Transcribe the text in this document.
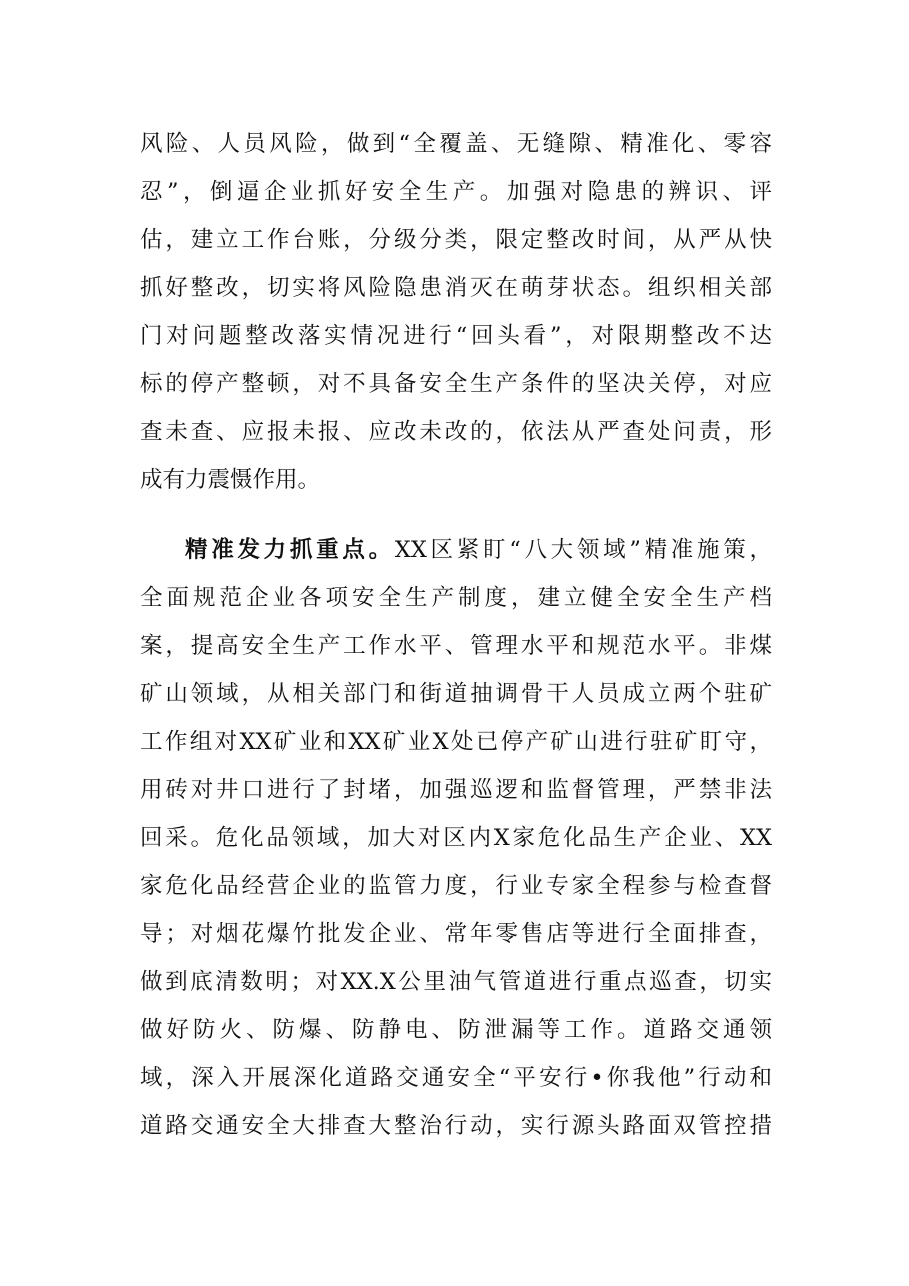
风险、人员风险，做到“全覆盖、无缝隙、精准化、零容
忍”，倒逼企业抓好安全生产。加强对隐患的辨识、评
估，建立工作台账，分级分类，限定整改时间，从严从快
抓好整改，切实将风险隐患消灭在萌芽状态。组织相关部
门对问题整改落实情况进行“回头看”，对限期整改不达
标的停产整顿，对不具备安全生产条件的坚决关停，对应
查未查、应报未报、应改未改的，依法从严查处问责，形
成有力震慑作用。
精准发力抓重点。XX区紧盯“八大领域”精准施策，
全面规范企业各项安全生产制度，建立健全安全生产档
案，提高安全生产工作水平、管理水平和规范水平。非煤
矿山领域，从相关部门和街道抽调骨干人员成立两个驻矿
工作组对XX矿业和XX矿业X处已停产矿山进行驻矿盯守，
用砖对井口进行了封堵，加强巡逻和监督管理，严禁非法
回采。危化品领域，加大对区内X家危化品生产企业、XX
家危化品经营企业的监管力度，行业专家全程参与检查督
导；对烟花爆竹批发企业、常年零售店等进行全面排查，
做到底清数明；对XX.X公里油气管道进行重点巡查，切实
做好防火、防爆、防静电、防泄漏等工作。道路交通领
域，深入开展深化道路交通安全“平安行•你我他”行动和
道路交通安全大排查大整治行动，实行源头路面双管控措
